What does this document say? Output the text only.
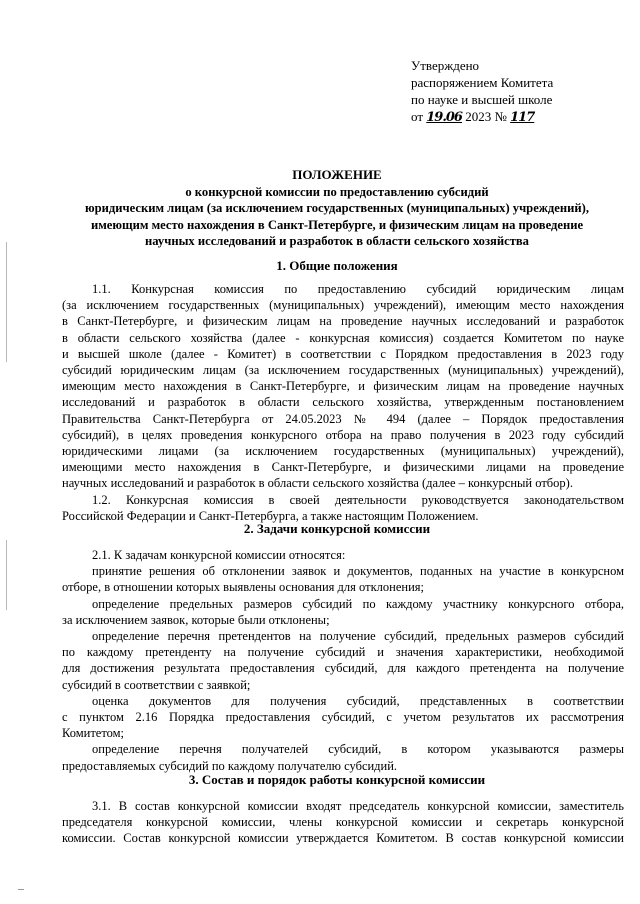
Утверждено
распоряжением Комитета
по науке и высшей школе
от 19.06 2023 № 117
ПОЛОЖЕНИЕ
о конкурсной комиссии по предоставлению субсидий
юридическим лицам (за исключением государственных (муниципальных) учреждений),
имеющим место нахождения в Санкт-Петербурге, и физическим лицам на проведение
научных исследований и разработок в области сельского хозяйства
1. Общие положения
1.1. Конкурсная комиссия по предоставлению субсидий юридическим лицам
(за исключением государственных (муниципальных) учреждений), имеющим место нахождения
в Санкт-Петербурге, и физическим лицам на проведение научных исследований и разработок
в области сельского хозяйства (далее - конкурсная комиссия) создается Комитетом по науке
и высшей школе (далее - Комитет) в соответствии с Порядком предоставления в 2023 году
субсидий юридическим лицам (за исключением государственных (муниципальных) учреждений),
имеющим место нахождения в Санкт-Петербурге, и физическим лицам на проведение научных
исследований и разработок в области сельского хозяйства, утвержденным постановлением
Правительства Санкт-Петербурга от 24.05.2023 № 494 (далее – Порядок предоставления
субсидий), в целях проведения конкурсного отбора на право получения в 2023 году субсидий
юридическими лицами (за исключением государственных (муниципальных) учреждений),
имеющими место нахождения в Санкт-Петербурге, и физическими лицами на проведение
научных исследований и разработок в области сельского хозяйства (далее – конкурсный отбор).
1.2. Конкурсная комиссия в своей деятельности руководствуется законодательством
Российской Федерации и Санкт-Петербурга, а также настоящим Положением.
2. Задачи конкурсной комиссии
2.1. К задачам конкурсной комиссии относятся:
принятие решения об отклонении заявок и документов, поданных на участие в конкурсном
отборе, в отношении которых выявлены основания для отклонения;
определение предельных размеров субсидий по каждому участнику конкурсного отбора,
за исключением заявок, которые были отклонены;
определение перечня претендентов на получение субсидий, предельных размеров субсидий
по каждому претенденту на получение субсидий и значения характеристики, необходимой
для достижения результата предоставления субсидий, для каждого претендента на получение
субсидий в соответствии с заявкой;
оценка документов для получения субсидий, представленных в соответствии
с пунктом 2.16 Порядка предоставления субсидий, с учетом результатов их рассмотрения
Комитетом;
определение перечня получателей субсидий, в котором указываются размеры
предоставляемых субсидий по каждому получателю субсидий.
3. Состав и порядок работы конкурсной комиссии
3.1. В состав конкурсной комиссии входят председатель конкурсной комиссии, заместитель
председателя конкурсной комиссии, члены конкурсной комиссии и секретарь конкурсной
комиссии. Состав конкурсной комиссии утверждается Комитетом. В состав конкурсной комиссии
